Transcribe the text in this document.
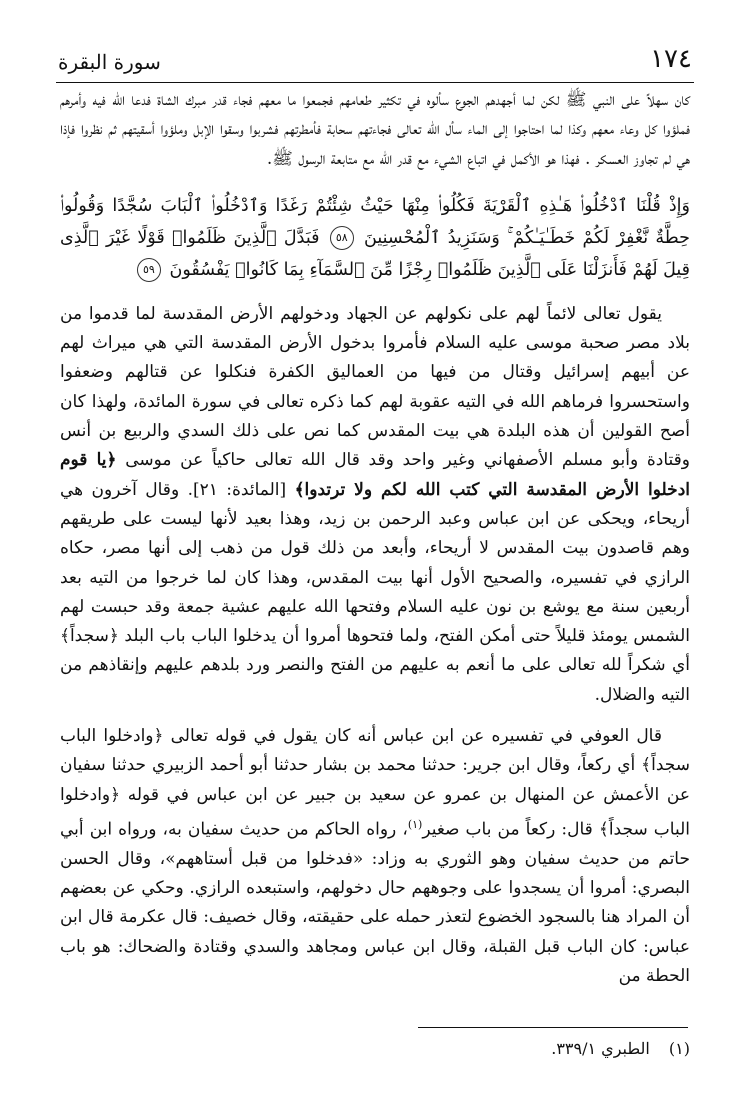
١٧٤
سورة البقرة

كان سهلاً على النبي ﷺ لكن لما أجهدهم الجوع سألوه في تكثير طعامهم فجمعوا ما معهم فجاء قدر مبرك الشاة فدعا الله فيه وأمرهم فملؤوا كل وعاء معهم وكذا لما احتاجوا إلى الماء سأل الله تعالى فجاءتهم سحابة فأمطرتهم فشربوا وسقوا الإبل وملؤوا أسقيتهم ثم نظروا فإذا هي لم تجاوز العسكر . فهذا هو الأكمل في اتباع الشيء مع قدر الله مع متابعة الرسول ﷺ.

وَإِذْ قُلْنَا ٱدْخُلُوا۟ هَـٰذِهِ ٱلْقَرْيَةَ فَكُلُوا۟ مِنْهَا حَيْثُ شِئْتُمْ رَغَدًا وَٱدْخُلُوا۟ ٱلْبَابَ سُجَّدًا وَقُولُوا۟ حِطَّةٌ نَّغْفِرْ لَكُمْ خَطَـٰيَـٰكُمْ ۚ وَسَنَزِيدُ ٱلْمُحْسِنِينَ ٥٨ فَبَدَّلَ ٱلَّذِينَ ظَلَمُوا۟ قَوْلًا غَيْرَ ٱلَّذِى قِيلَ لَهُمْ فَأَنزَلْنَا عَلَى ٱلَّذِينَ ظَلَمُوا۟ رِجْزًا مِّنَ ٱلسَّمَآءِ بِمَا كَانُوا۟ يَفْسُقُونَ ٥٩

يقول تعالى لائماً لهم على نكولهم عن الجهاد ودخولهم الأرض المقدسة لما قدموا من بلاد مصر صحبة موسى عليه السلام فأمروا بدخول الأرض المقدسة التي هي ميراث لهم عن أبيهم إسرائيل وقتال من فيها من العماليق الكفرة فنكلوا عن قتالهم وضعفوا واستحسروا فرماهم الله في التيه عقوبة لهم كما ذكره تعالى في سورة المائدة، ولهذا كان أصح القولين أن هذه البلدة هي بيت المقدس كما نص على ذلك السدي والربيع بن أنس وقتادة وأبو مسلم الأصفهاني وغير واحد وقد قال الله تعالى حاكياً عن موسى ﴿يا قوم ادخلوا الأرض المقدسة التي كتب الله لكم ولا ترتدوا﴾ [المائدة: ٢١]. وقال آخرون هي أريحاء، ويحكى عن ابن عباس وعبد الرحمن بن زيد، وهذا بعيد لأنها ليست على طريقهم وهم قاصدون بيت المقدس لا أريحاء، وأبعد من ذلك قول من ذهب إلى أنها مصر، حكاه الرازي في تفسيره، والصحيح الأول أنها بيت المقدس، وهذا كان لما خرجوا من التيه بعد أربعين سنة مع يوشع بن نون عليه السلام وفتحها الله عليهم عشية جمعة وقد حبست لهم الشمس يومئذ قليلاً حتى أمكن الفتح، ولما فتحوها أمروا أن يدخلوا الباب باب البلد ﴿سجداً﴾ أي شكراً لله تعالى على ما أنعم به عليهم من الفتح والنصر ورد بلدهم عليهم وإنقاذهم من التيه والضلال.

قال العوفي في تفسيره عن ابن عباس أنه كان يقول في قوله تعالى ﴿وادخلوا الباب سجداً﴾ أي ركعاً، وقال ابن جرير: حدثنا محمد بن بشار حدثنا أبو أحمد الزبيري حدثنا سفيان عن الأعمش عن المنهال بن عمرو عن سعيد بن جبير عن ابن عباس في قوله ﴿وادخلوا الباب سجداً﴾ قال: ركعاً من باب صغير$^{(١)}$، رواه الحاكم من حديث سفيان به، ورواه ابن أبي حاتم من حديث سفيان وهو الثوري به وزاد: «فدخلوا من قبل أستاههم»، وقال الحسن البصري: أمروا أن يسجدوا على وجوههم حال دخولهم، واستبعده الرازي. وحكي عن بعضهم أن المراد هنا بالسجود الخضوع لتعذر حمله على حقيقته، وقال خصيف: قال عكرمة قال ابن عباس: كان الباب قبل القبلة، وقال ابن عباس ومجاهد والسدي وقتادة والضحاك: هو باب الحطة من

(١) الطبري ٣٣٩/١.
